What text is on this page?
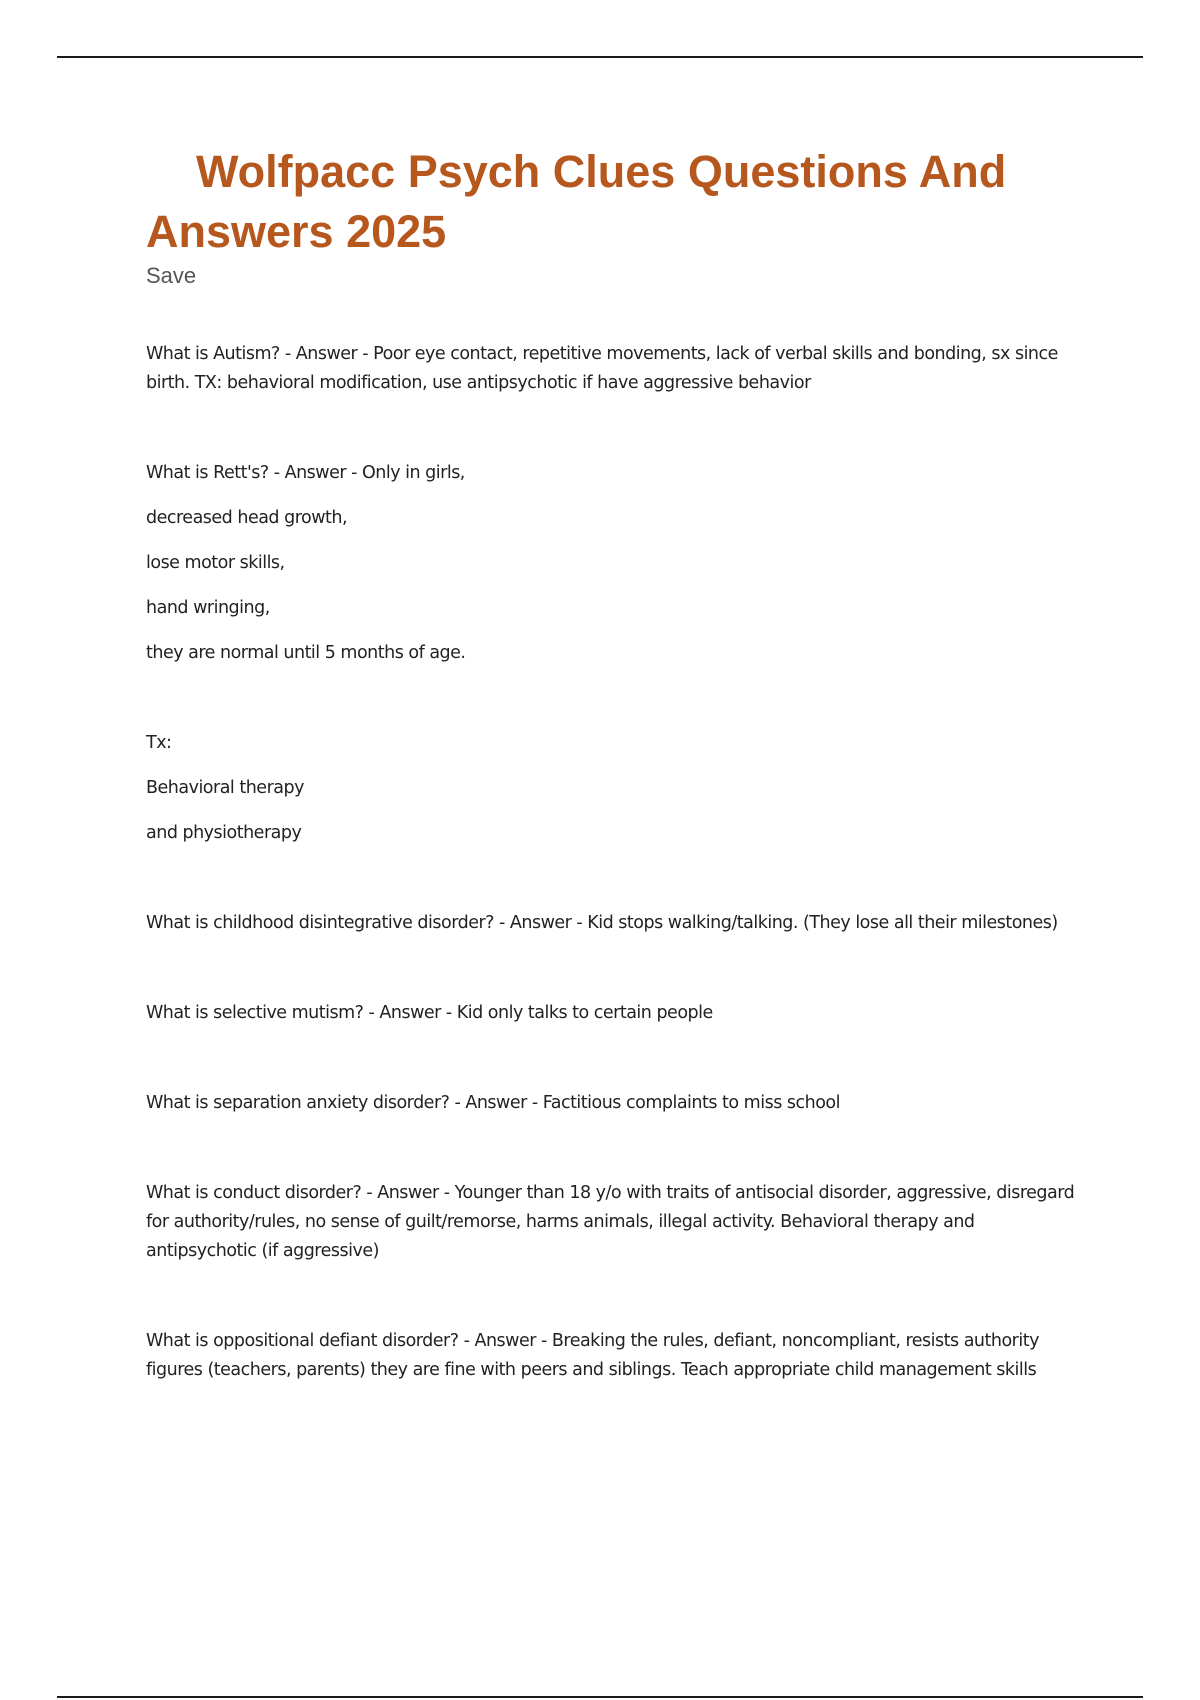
Wolfpacc Psych Clues Questions And Answers 2025
Save
What is Autism? - Answer - Poor eye contact, repetitive movements, lack of verbal skills and bonding, sx since birth. TX: behavioral modification, use antipsychotic if have aggressive behavior
What is Rett's? - Answer - Only in girls,
decreased head growth,
lose motor skills,
hand wringing,
they are normal until 5 months of age.
Tx:
Behavioral therapy
and physiotherapy
What is childhood disintegrative disorder? - Answer - Kid stops walking/talking. (They lose all their milestones)
What is selective mutism? - Answer - Kid only talks to certain people
What is separation anxiety disorder? - Answer - Factitious complaints to miss school
What is conduct disorder? - Answer - Younger than 18 y/o with traits of antisocial disorder, aggressive, disregard for authority/rules, no sense of guilt/remorse, harms animals, illegal activity. Behavioral therapy and antipsychotic (if aggressive)
What is oppositional defiant disorder? - Answer - Breaking the rules, defiant, noncompliant, resists authority figures (teachers, parents) they are fine with peers and siblings. Teach appropriate child management skills
